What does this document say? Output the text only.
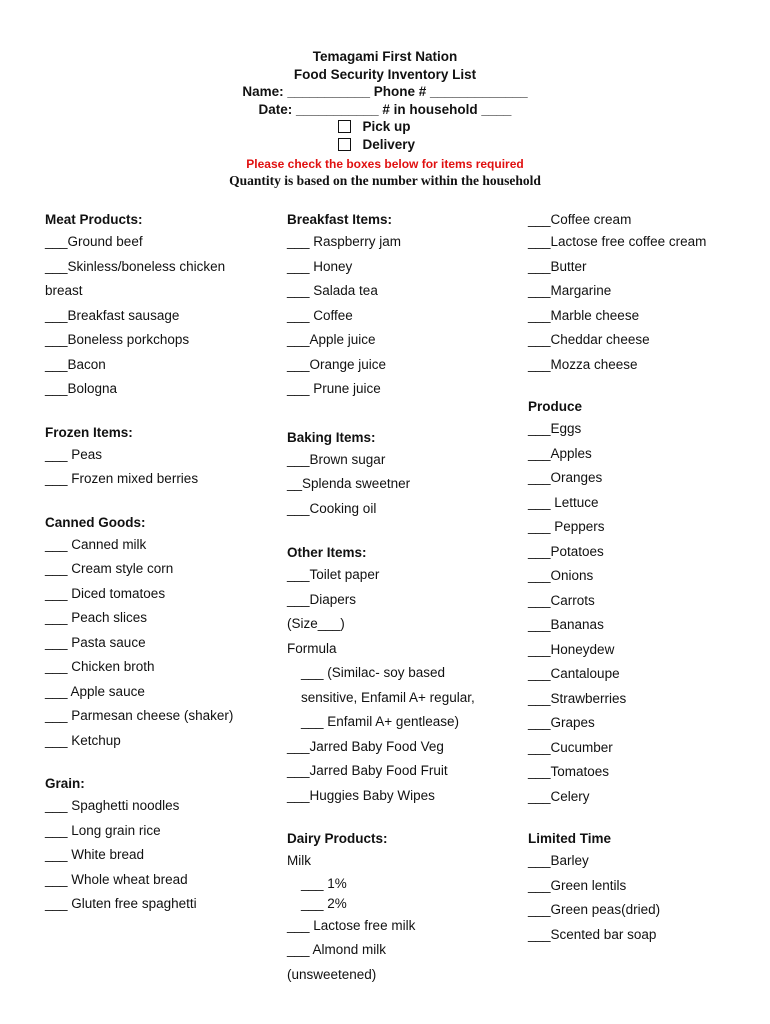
Temagami First Nation
Food Security Inventory List
Name: ___________ Phone # _____________
Date: ___________ # in household ____
Pick up
Delivery
Please check the boxes below for items required
Quantity is based on the number within the household
Meat Products:
___Ground beef
___Skinless/boneless chicken
breast
___Breakfast sausage
___Boneless porkchops
___Bacon
___Bologna
Frozen Items:
___ Peas
___ Frozen mixed berries
Canned Goods:
___ Canned milk
___ Cream style corn
___ Diced tomatoes
___ Peach slices
___ Pasta sauce
___ Chicken broth
___ Apple sauce
___ Parmesan cheese (shaker)
___ Ketchup
Grain:
___ Spaghetti noodles
___ Long grain rice
___ White bread
___ Whole wheat bread
___ Gluten free spaghetti
Breakfast Items:
___ Raspberry jam
___ Honey
___ Salada tea
___ Coffee
___Apple juice
___Orange juice
___ Prune juice
Baking Items:
___Brown sugar
__Splenda sweetner
___Cooking oil
Other Items:
___Toilet paper
___Diapers
(Size___)
Formula
___ (Similac- soy based
sensitive, Enfamil A+ regular,
___ Enfamil A+ gentlease)
___Jarred Baby Food Veg
___Jarred Baby Food Fruit
___Huggies Baby Wipes
Dairy Products:
Milk
___ 1%
___ 2%
___ Lactose free milk
___ Almond milk
(unsweetened)
___Coffee cream
___Lactose free coffee cream
___Butter
___Margarine
___Marble cheese
___Cheddar cheese
___Mozza cheese
Produce
___Eggs
___Apples
___Oranges
___ Lettuce
___ Peppers
___Potatoes
___Onions
___Carrots
___Bananas
___Honeydew
___Cantaloupe
___Strawberries
___Grapes
___Cucumber
___Tomatoes
___Celery
Limited Time
___Barley
___Green lentils
___Green peas(dried)
___Scented bar soap
